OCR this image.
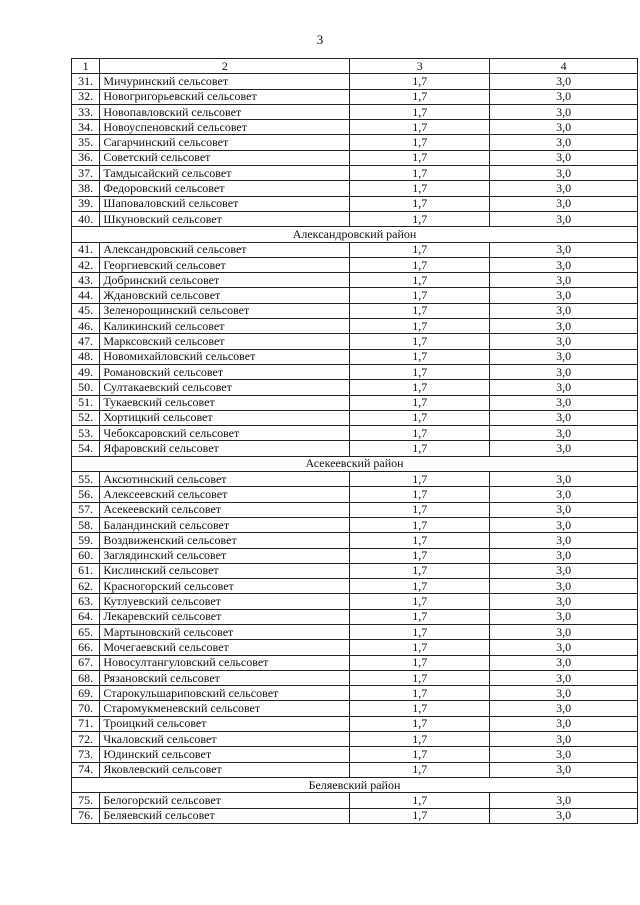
3
1	2	3	4
31.	Мичуринский сельсовет	1,7	3,0
32.	Новогригорьевский сельсовет	1,7	3,0
33.	Новопавловский сельсовет	1,7	3,0
34.	Новоуспеновский сельсовет	1,7	3,0
35.	Сагарчинский сельсовет	1,7	3,0
36.	Советский сельсовет	1,7	3,0
37.	Тамдысайский сельсовет	1,7	3,0
38.	Федоровский сельсовет	1,7	3,0
39.	Шаповаловский сельсовет	1,7	3,0
40.	Шкуновский сельсовет	1,7	3,0
Александровский район			
41.	Александровский сельсовет	1,7	3,0
42.	Георгиевский сельсовет	1,7	3,0
43.	Добринский сельсовет	1,7	3,0
44.	Ждановский сельсовет	1,7	3,0
45.	Зеленорощинский сельсовет	1,7	3,0
46.	Каликинский сельсовет	1,7	3,0
47.	Марксовский сельсовет	1,7	3,0
48.	Новомихайловский сельсовет	1,7	3,0
49.	Романовский сельсовет	1,7	3,0
50.	Султакаевский сельсовет	1,7	3,0
51.	Тукаевский сельсовет	1,7	3,0
52.	Хортицкий сельсовет	1,7	3,0
53.	Чебоксаровский сельсовет	1,7	3,0
54.	Яфаровский сельсовет	1,7	3,0
Асекеевский район			
55.	Аксютинский сельсовет	1,7	3,0
56.	Алексеевский сельсовет	1,7	3,0
57.	Асекеевский сельсовет	1,7	3,0
58.	Баландинский сельсовет	1,7	3,0
59.	Воздвиженский сельсовет	1,7	3,0
60.	Заглядинский сельсовет	1,7	3,0
61.	Кислинский сельсовет	1,7	3,0
62.	Красногорский сельсовет	1,7	3,0
63.	Кутлуевский сельсовет	1,7	3,0
64.	Лекаревский сельсовет	1,7	3,0
65.	Мартыновский сельсовет	1,7	3,0
66.	Мочегаевский сельсовет	1,7	3,0
67.	Новосултангуловский сельсовет	1,7	3,0
68.	Рязановский сельсовет	1,7	3,0
69.	Старокульшариповский сельсовет	1,7	3,0
70.	Старомукменевский сельсовет	1,7	3,0
71.	Троицкий сельсовет	1,7	3,0
72.	Чкаловский сельсовет	1,7	3,0
73.	Юдинский сельсовет	1,7	3,0
74.	Яковлевский сельсовет	1,7	3,0
Беляевский район			
75.	Белогорский сельсовет	1,7	3,0
76.	Беляевский сельсовет	1,7	3,0
